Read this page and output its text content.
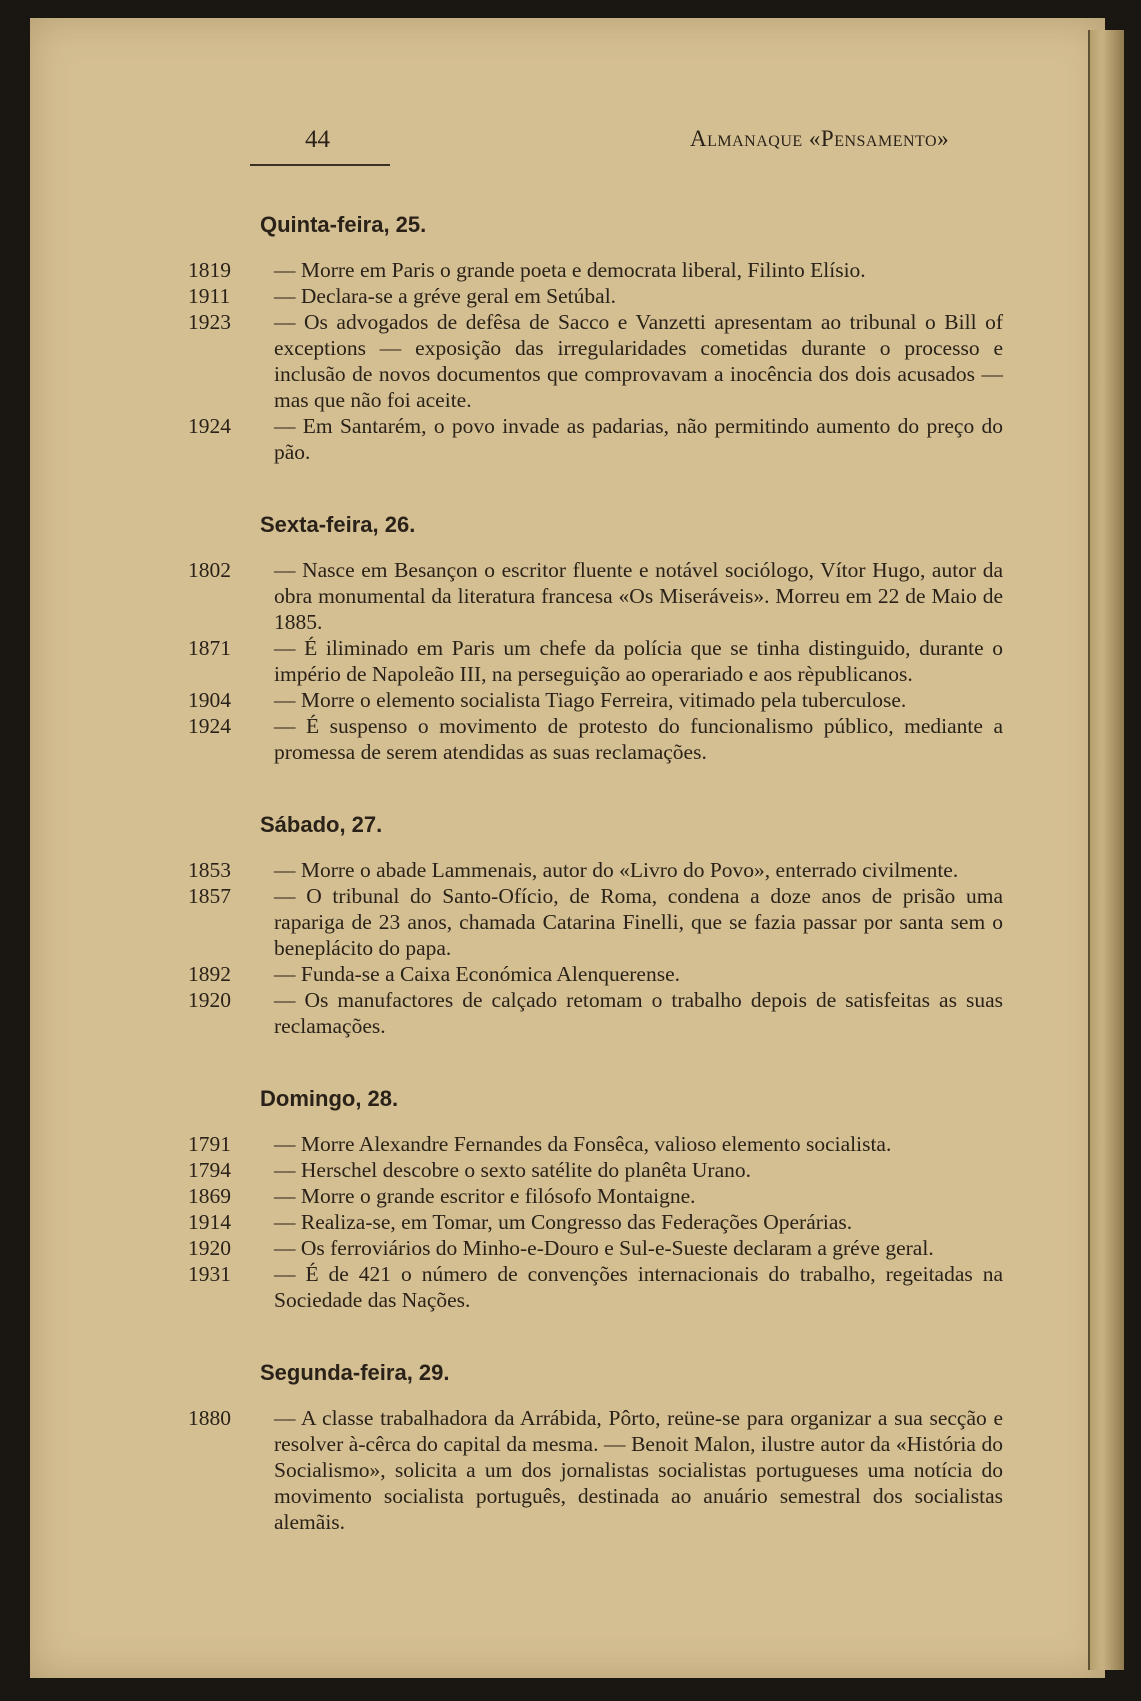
44	Almanaque «Pensamento»
Quinta-feira, 25.
1819 — Morre em Paris o grande poeta e democrata liberal, Filinto Elísio.
1911 — Declara-se a gréve geral em Setúbal.
1923 — Os advogados de defêsa de Sacco e Vanzetti apresentam ao tribunal o Bill of exceptions — exposição das irregularidades cometidas durante o processo e inclusão de novos documentos que comprovavam a inocência dos dois acusados — mas que não foi aceite.
1924 — Em Santarém, o povo invade as padarias, não permitindo aumento do preço do pão.
Sexta-feira, 26.
1802 — Nasce em Besançon o escritor fluente e notável sociólogo, Vítor Hugo, autor da obra monumental da literatura francesa «Os Miseráveis». Morreu em 22 de Maio de 1885.
1871 — É iliminado em Paris um chefe da polícia que se tinha distinguido, durante o império de Napoleão III, na perseguição ao operariado e aos rèpublicanos.
1904 — Morre o elemento socialista Tiago Ferreira, vitimado pela tuberculose.
1924 — É suspenso o movimento de protesto do funcionalismo público, mediante a promessa de serem atendidas as suas reclamações.
Sábado, 27.
1853 — Morre o abade Lammenais, autor do «Livro do Povo», enterrado civilmente.
1857 — O tribunal do Santo-Ofício, de Roma, condena a doze anos de prisão uma rapariga de 23 anos, chamada Catarina Finelli, que se fazia passar por santa sem o beneplácito do papa.
1892 — Funda-se a Caixa Económica Alenquerense.
1920 — Os manufactores de calçado retomam o trabalho depois de satisfeitas as suas reclamações.
Domingo, 28.
1791 — Morre Alexandre Fernandes da Fonsêca, valioso elemento socialista.
1794 — Herschel descobre o sexto satélite do planêta Urano.
1869 — Morre o grande escritor e filósofo Montaigne.
1914 — Realiza-se, em Tomar, um Congresso das Federações Operárias.
1920 — Os ferroviários do Minho-e-Douro e Sul-e-Sueste declaram a gréve geral.
1931 — É de 421 o número de convenções internacionais do trabalho, regeitadas na Sociedade das Nações.
Segunda-feira, 29.
1880 — A classe trabalhadora da Arrábida, Pôrto, reüne-se para organizar a sua secção e resolver à-cêrca do capital da mesma. — Benoit Malon, ilustre autor da «História do Socialismo», solicita a um dos jornalistas socialistas portugueses uma notícia do movimento socialista português, destinada ao anuário semestral dos socialistas alemãis.
